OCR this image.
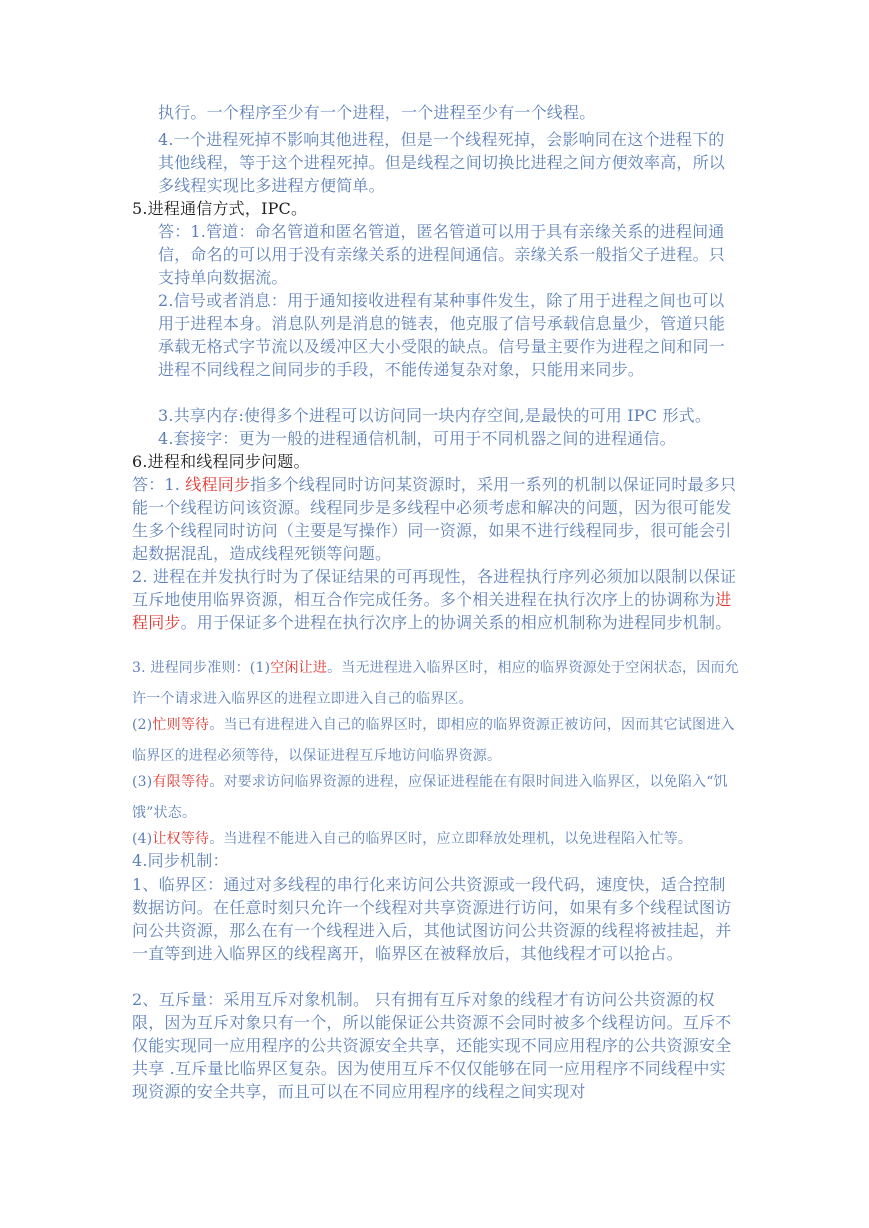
执行。一个程序至少有一个进程，一个进程至少有一个线程。

4.一个进程死掉不影响其他进程，但是一个线程死掉，会影响同在这个进程下的其他线程，等于这个进程死掉。但是线程之间切换比进程之间方便效率高，所以多线程实现比多进程方便简单。

5.进程通信方式，IPC。

答：1.管道：命名管道和匿名管道，匿名管道可以用于具有亲缘关系的进程间通信，命名的可以用于没有亲缘关系的进程间通信。亲缘关系一般指父子进程。只支持单向数据流。

2.信号或者消息：用于通知接收进程有某种事件发生，除了用于进程之间也可以用于进程本身。消息队列是消息的链表，他克服了信号承载信息量少，管道只能承载无格式字节流以及缓冲区大小受限的缺点。信号量主要作为进程之间和同一进程不同线程之间同步的手段，不能传递复杂对象，只能用来同步。

3.共享内存:使得多个进程可以访问同一块内存空间,是最快的可用 IPC 形式。

4.套接字：更为一般的进程通信机制，可用于不同机器之间的进程通信。

6.进程和线程同步问题。

答：1. 线程同步指多个线程同时访问某资源时，采用一系列的机制以保证同时最多只能一个线程访问该资源。线程同步是多线程中必须考虑和解决的问题，因为很可能发生多个线程同时访问（主要是写操作）同一资源，如果不进行线程同步，很可能会引起数据混乱，造成线程死锁等问题。

2. 进程在并发执行时为了保证结果的可再现性，各进程执行序列必须加以限制以保证互斥地使用临界资源，相互合作完成任务。多个相关进程在执行次序上的协调称为进程同步。用于保证多个进程在执行次序上的协调关系的相应机制称为进程同步机制。

3. 进程同步准则：(1)空闲让进。当无进程进入临界区时，相应的临界资源处于空闲状态，因而允许一个请求进入临界区的进程立即进入自己的临界区。

(2)忙则等待。当已有进程进入自己的临界区时，即相应的临界资源正被访问，因而其它试图进入临界区的进程必须等待，以保证进程互斥地访问临界资源。

(3)有限等待。对要求访问临界资源的进程，应保证进程能在有限时间进入临界区，以免陷入“饥饿”状态。

(4)让权等待。当进程不能进入自己的临界区时，应立即释放处理机，以免进程陷入忙等。

4.同步机制：

1、临界区：通过对多线程的串行化来访问公共资源或一段代码，速度快，适合控制数据访问。在任意时刻只允许一个线程对共享资源进行访问，如果有多个线程试图访问公共资源，那么在有一个线程进入后，其他试图访问公共资源的线程将被挂起，并一直等到进入临界区的线程离开，临界区在被释放后，其他线程才可以抢占。

2、互斥量：采用互斥对象机制。 只有拥有互斥对象的线程才有访问公共资源的权限，因为互斥对象只有一个，所以能保证公共资源不会同时被多个线程访问。互斥不仅能实现同一应用程序的公共资源安全共享，还能实现不同应用程序的公共资源安全共享 .互斥量比临界区复杂。因为使用互斥不仅仅能够在同一应用程序不同线程中实现资源的安全共享，而且可以在不同应用程序的线程之间实现对
